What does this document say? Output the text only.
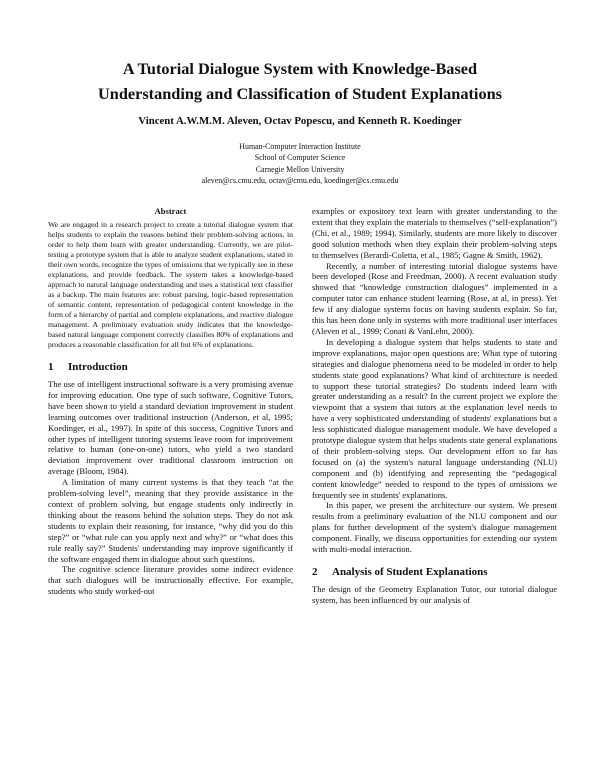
A Tutorial Dialogue System with Knowledge-Based
Understanding and Classification of Student Explanations
Vincent A.W.M.M. Aleven, Octav Popescu, and Kenneth R. Koedinger
Human-Computer Interaction Institute
School of Computer Science
Carnegie Mellon University
aleven@cs.cmu.edu, octav@cmu.edu, koedinger@cs.cmu.edu
Abstract

We are engaged in a research project to create a tutorial dialogue system that helps students to explain the reasons behind their problem-solving actions, in order to help them learn with greater understanding. Currently, we are pilot-testing a prototype system that is able to analyze student explanations, stated in their own words, recognize the types of omissions that we typically see in these explanations, and provide feedback. The system takes a knowledge-based approach to natural language understanding and uses a statistical text classifier as a backup. The main features are: robust parsing, logic-based representation of semantic content, representation of pedagogical content knowledge in the form of a hierarchy of partial and complete explanations, and reactive dialogue management. A preliminary evaluation study indicates that the knowledge-based natural language component correctly classifies 80% of explanations and produces a reasonable classification for all but 6% of explanations.

1 Introduction

The use of intelligent instructional software is a very promising avenue for improving education. One type of such software, Cognitive Tutors, have been shown to yield a standard deviation improvement in student learning outcomes over traditional instruction (Anderson, et al, 1995; Koedinger, et al., 1997). In spite of this success, Cognitive Tutors and other types of intelligent tutoring systems leave room for improvement relative to human (one-on-one) tutors, who yield a two standard deviation improvement over traditional classroom instruction on average (Bloom, 1984).

A limitation of many current systems is that they teach “at the problem-solving level”, meaning that they provide assistance in the context of problem solving, but engage students only indirectly in thinking about the reasons behind the solution steps. They do not ask students to explain their reasoning, for instance, “why did you do this step?” or “what rule can you apply next and why?” or “what does this rule really say?” Students' understanding may improve significantly if the software engaged them in dialogue about such questions.

The cognitive science literature provides some indirect evidence that such dialogues will be instructionally effective. For example, students who study worked-out

examples or expository text learn with greater understanding to the extent that they explain the materials to themselves (“self-explanation”) (Chi, et al., 1989; 1994). Similarly, students are more likely to discover good solution methods when they explain their problem-solving steps to themselves (Berardi-Coletta, et al., 1985; Gagne & Smith, 1962).

Recently, a number of interesting tutorial dialogue systems have been developed (Rose and Freedman, 2000). A recent evaluation study showed that “knowledge construction dialogues” implemented in a computer tutor can enhance student learning (Rose, at al, in press). Yet few if any dialogue systems focus on having students explain. So far, this has been done only in systems with more traditional user interfaces (Aleven et al., 1999; Conati & VanLehn, 2000).

In developing a dialogue system that helps students to state and improve explanations, major open questions are: What type of tutoring strategies and dialogue phenomena need to be modeled in order to help students state good explanations? What kind of architecture is needed to support these tutorial strategies? Do students indeed learn with greater understanding as a result? In the current project we explore the viewpoint that a system that tutors at the explanation level needs to have a very sophisticated understanding of students' explanations but a less sophisticated dialogue management module. We have developed a prototype dialogue system that helps students state general explanations of their problem-solving steps. Our development effort so far has focused on (a) the system's natural language understanding (NLU) component and (b) identifying and representing the “pedagogical content knowledge” needed to respond to the types of omissions we frequently see in students' explanations.

In this paper, we present the architecture our system. We present results from a preliminary evaluation of the NLU component and our plans for further development of the system's dialogue management component. Finally, we discuss opportunities for extending our system with multi-modal interaction.

2 Analysis of Student Explanations

The design of the Geometry Explanation Tutor, our tutorial dialogue system, has been influenced by our analysis of
